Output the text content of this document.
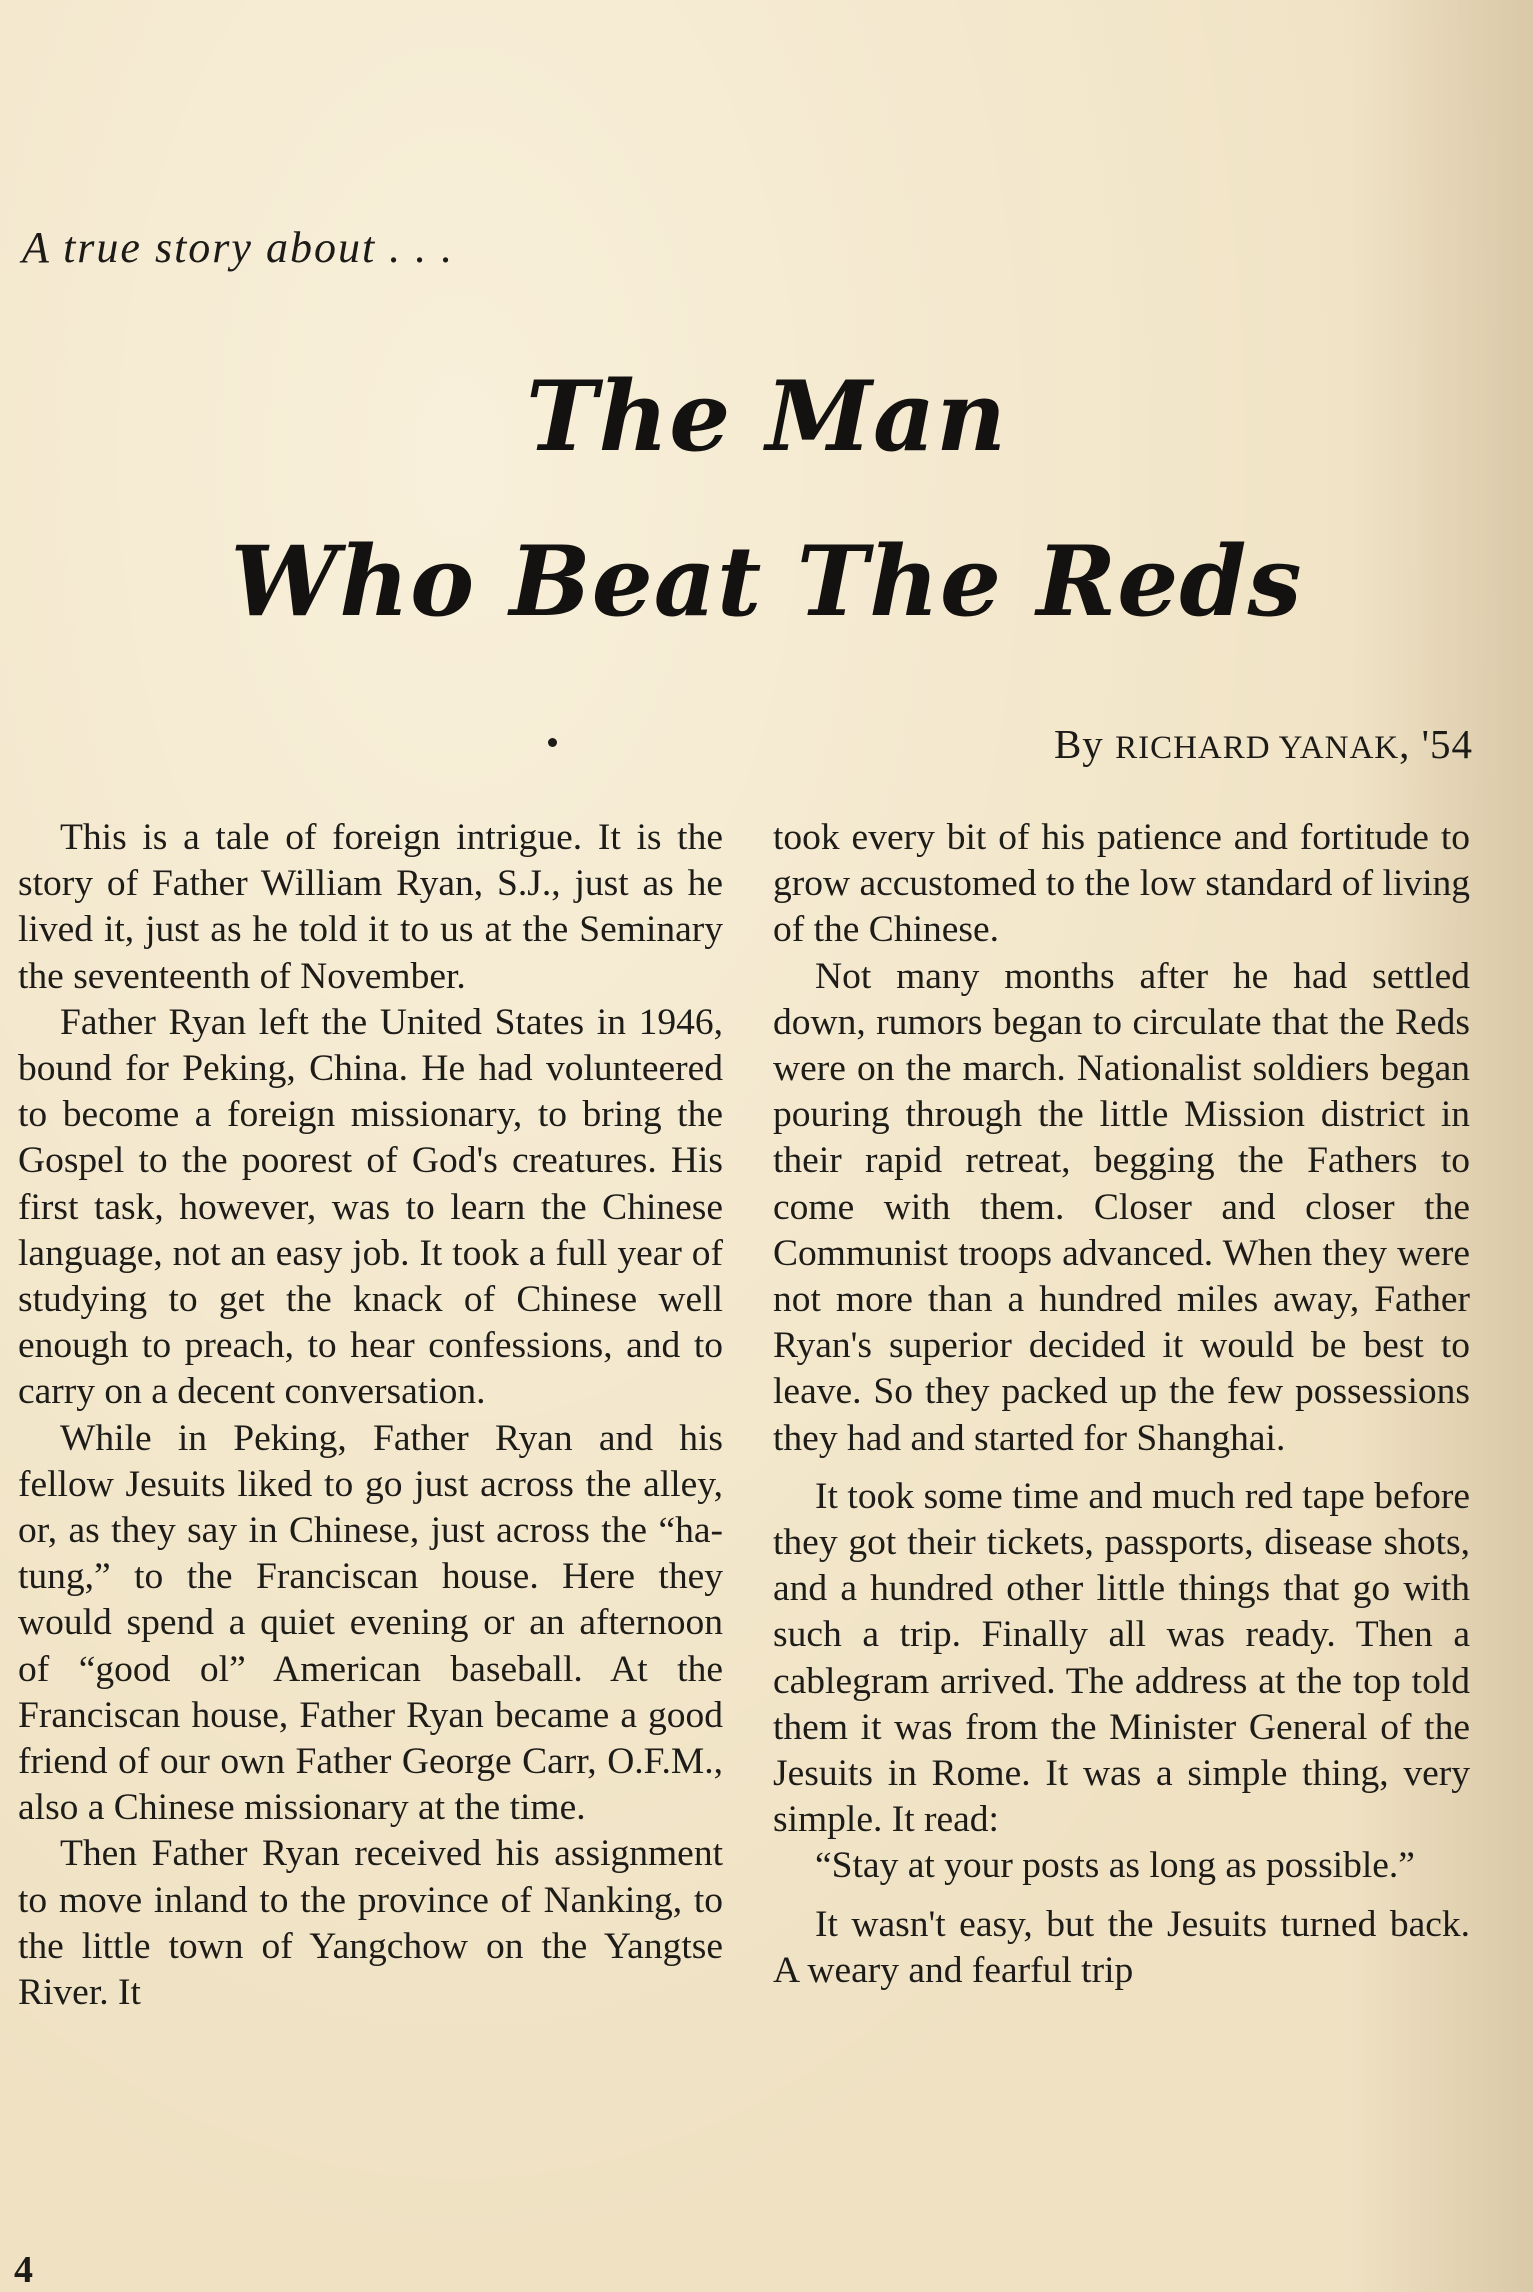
A true story about . . .
The Man
Who Beat The Reds
By RICHARD YANAK, '54

This is a tale of foreign intrigue. It is the story of Father William Ryan, S.J., just as he lived it, just as he told it to us at the Seminary the seventeenth of November.

Father Ryan left the United States in 1946, bound for Peking, China. He had volunteered to become a foreign missionary, to bring the Gospel to the poorest of God's creatures. His first task, however, was to learn the Chinese language, not an easy job. It took a full year of studying to get the knack of Chinese well enough to preach, to hear confessions, and to carry on a decent conversation.

While in Peking, Father Ryan and his fellow Jesuits liked to go just across the alley, or, as they say in Chinese, just across the “ha-tung,” to the Franciscan house. Here they would spend a quiet evening or an afternoon of “good ol” American baseball. At the Franciscan house, Father Ryan became a good friend of our own Father George Carr, O.F.M., also a Chinese missionary at the time.

Then Father Ryan received his assignment to move inland to the province of Nanking, to the little town of Yangchow on the Yangtse River. It

took every bit of his patience and fortitude to grow accustomed to the low standard of living of the Chinese.

Not many months after he had settled down, rumors began to circulate that the Reds were on the march. Nationalist soldiers began pouring through the little Mission district in their rapid retreat, begging the Fathers to come with them. Closer and closer the Communist troops advanced. When they were not more than a hundred miles away, Father Ryan's superior decided it would be best to leave. So they packed up the few possessions they had and started for Shanghai.

It took some time and much red tape before they got their tickets, passports, disease shots, and a hundred other little things that go with such a trip. Finally all was ready. Then a cablegram arrived. The address at the top told them it was from the Minister General of the Jesuits in Rome. It was a simple thing, very simple. It read:

“Stay at your posts as long as possible.”

It wasn't easy, but the Jesuits turned back. A weary and fearful trip

4
